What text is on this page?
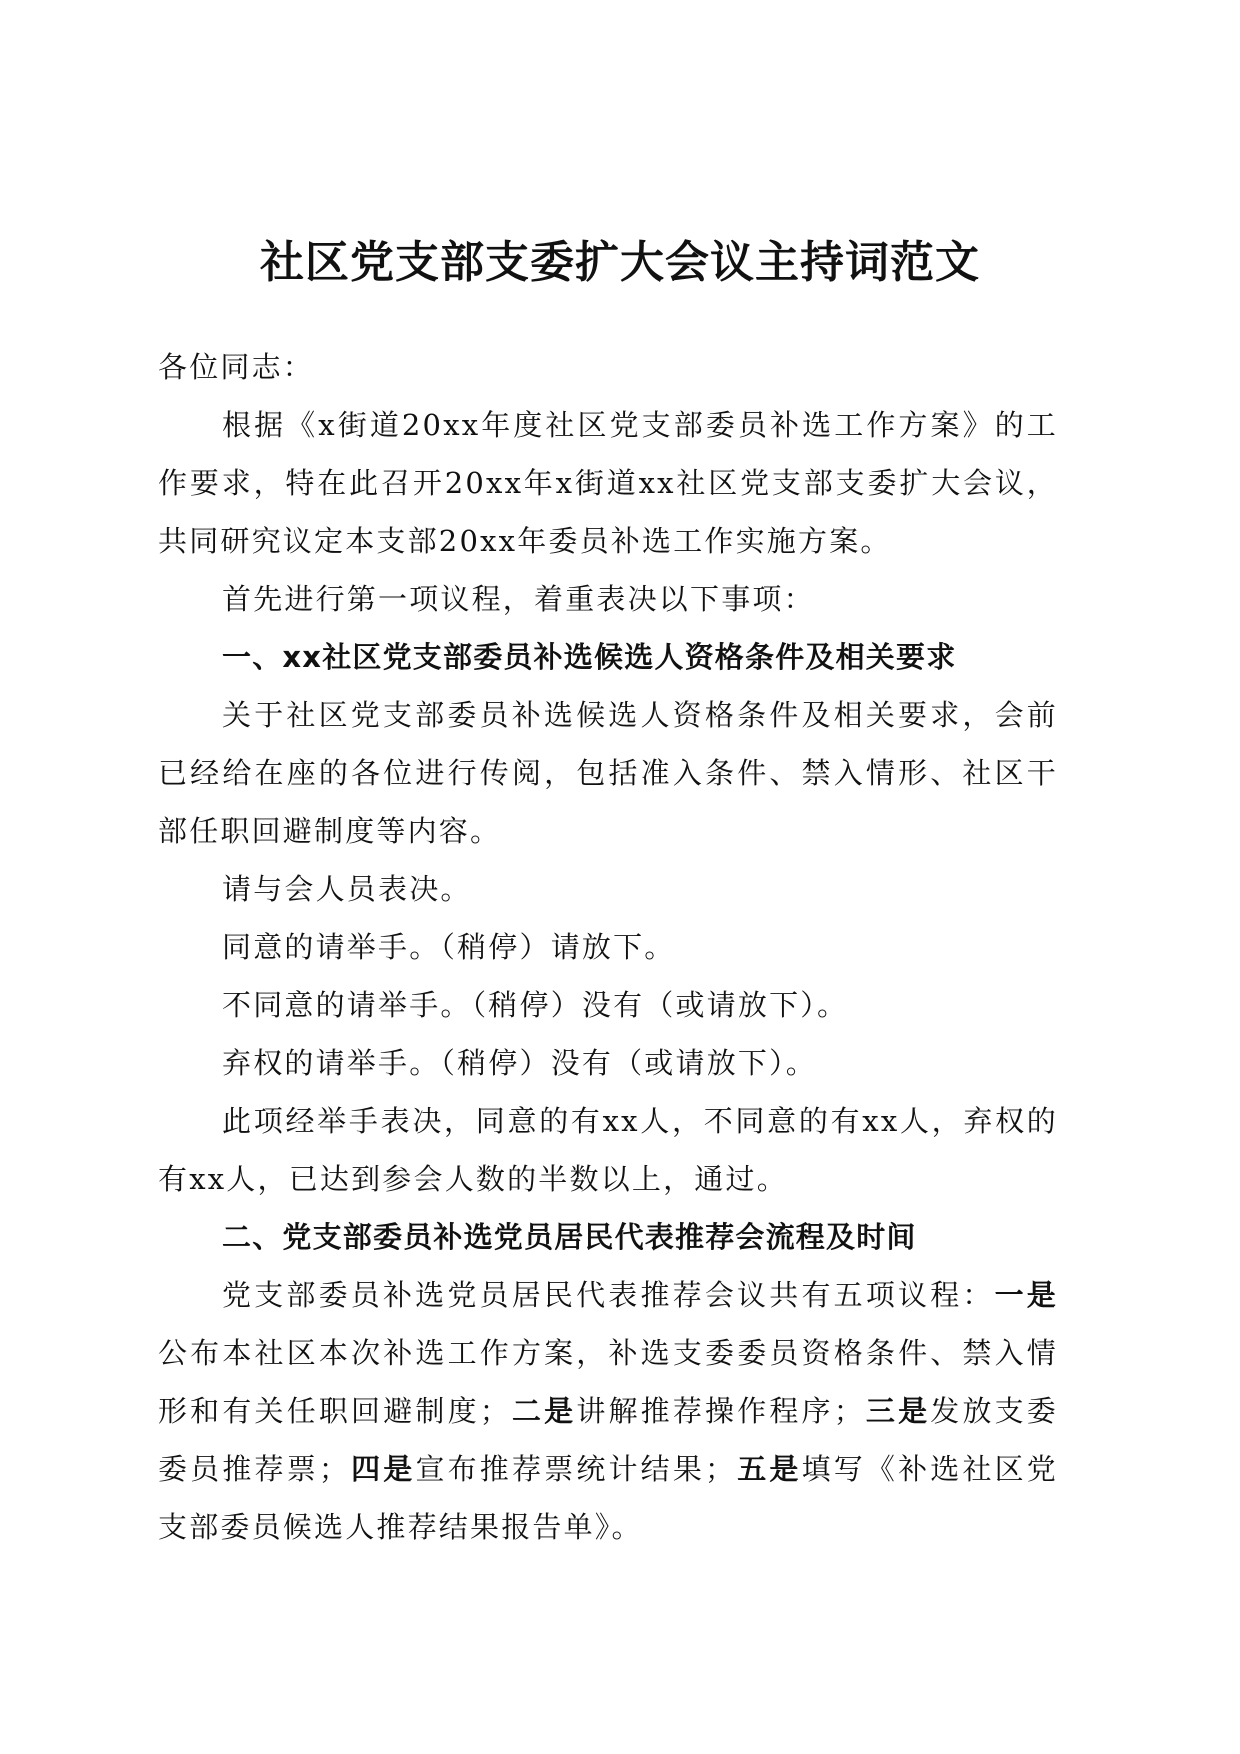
社区党支部支委扩大会议主持词范文

各位同志：

根据《x街道20xx年度社区党支部委员补选工作方案》的工作要求，特在此召开20xx年x街道xx社区党支部支委扩大会议，共同研究议定本支部20xx年委员补选工作实施方案。

首先进行第一项议程，着重表决以下事项：

一、xx社区党支部委员补选候选人资格条件及相关要求

关于社区党支部委员补选候选人资格条件及相关要求，会前已经给在座的各位进行传阅，包括准入条件、禁入情形、社区干部任职回避制度等内容。

请与会人员表决。

同意的请举手。（稍停）请放下。

不同意的请举手。（稍停）没有（或请放下）。

弃权的请举手。（稍停）没有（或请放下）。

此项经举手表决，同意的有xx人，不同意的有xx人，弃权的有xx人，已达到参会人数的半数以上，通过。

二、党支部委员补选党员居民代表推荐会流程及时间

党支部委员补选党员居民代表推荐会议共有五项议程：一是公布本社区本次补选工作方案，补选支委委员资格条件、禁入情形和有关任职回避制度；二是讲解推荐操作程序；三是发放支委委员推荐票；四是宣布推荐票统计结果；五是填写《补选社区党支部委员候选人推荐结果报告单》。
